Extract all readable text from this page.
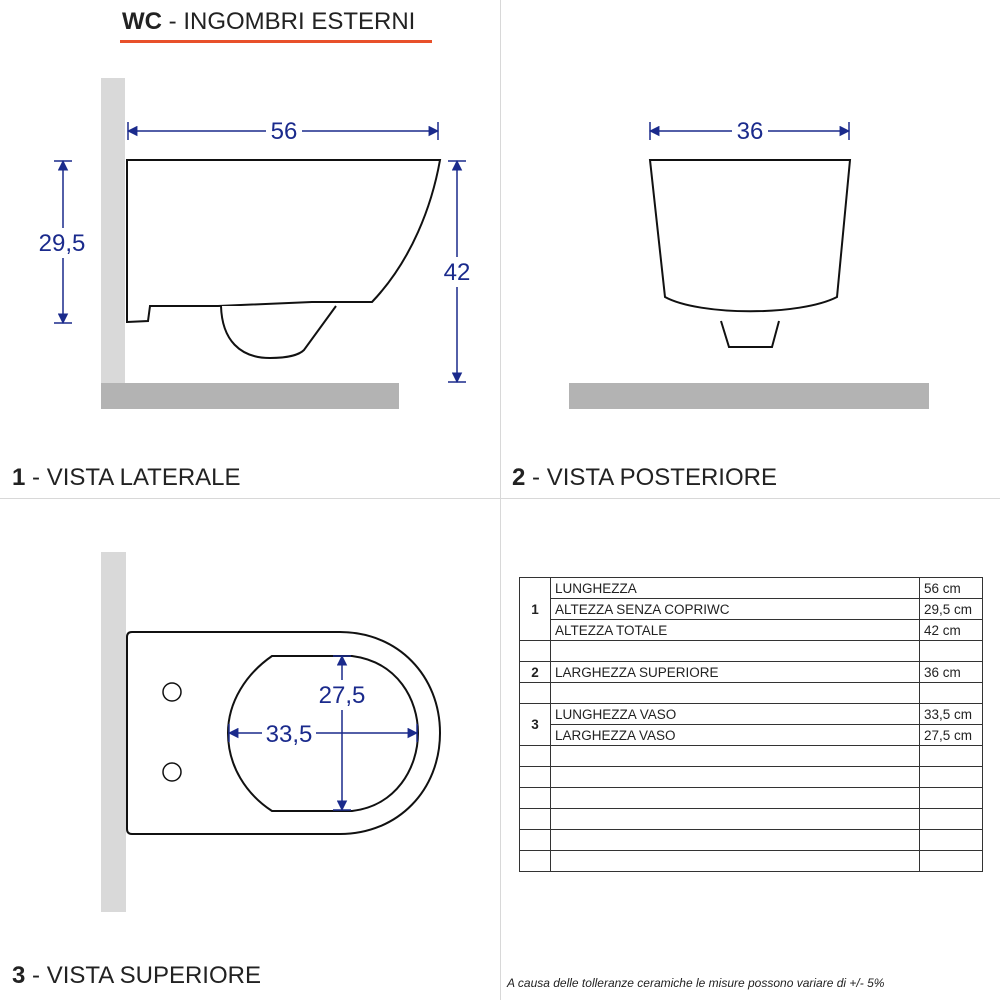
WC - INGOMBRI ESTERNI
56
29,5
42
36
27,5
33,5
1 - VISTA LATERALE	2 - VISTA POSTERIORE
3 - VISTA SUPERIORE
1	LUNGHEZZA	56 cm
	ALTEZZA SENZA COPRIWC	29,5 cm
	ALTEZZA TOTALE	42 cm

2	LARGHEZZA SUPERIORE	36 cm

3	LUNGHEZZA VASO	33,5 cm
	LARGHEZZA VASO	27,5 cm

A causa delle tolleranze ceramiche le misure possono variare di +/- 5%
